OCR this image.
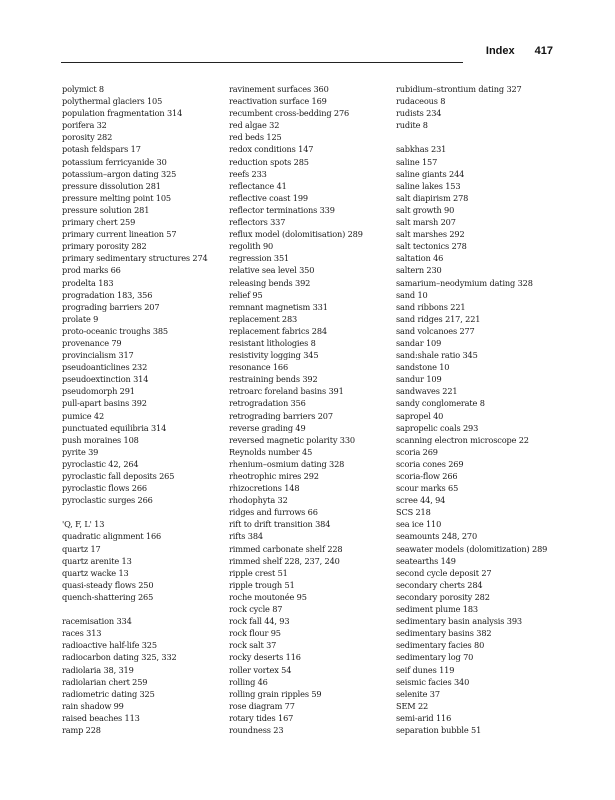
Index 417
polymict 8
polythermal glaciers 105
population fragmentation 314
porifera 32
porosity 282
potash feldspars 17
potassium ferricyanide 30
potassium–argon dating 325
pressure dissolution 281
pressure melting point 105
pressure solution 281
primary chert 259
primary current lineation 57
primary porosity 282
primary sedimentary structures 274
prod marks 66
prodelta 183
progradation 183, 356
prograding barriers 207
prolate 9
proto-oceanic troughs 385
provenance 79
provincialism 317
pseudoanticlines 232
pseudoextinction 314
pseudomorph 291
pull-apart basins 392
pumice 42
punctuated equilibria 314
push moraines 108
pyrite 39
pyroclastic 42, 264
pyroclastic fall deposits 265
pyroclastic flows 266
pyroclastic surges 266
'Q, F, L' 13
quadratic alignment 166
quartz 17
quartz arenite 13
quartz wacke 13
quasi-steady flows 250
quench-shattering 265
racemisation 334
races 313
radioactive half-life 325
radiocarbon dating 325, 332
radiolaria 38, 319
radiolarian chert 259
radiometric dating 325
rain shadow 99
raised beaches 113
ramp 228
ravinement surfaces 360
reactivation surface 169
recumbent cross-bedding 276
red algae 32
red beds 125
redox conditions 147
reduction spots 285
reefs 233
reflectance 41
reflective coast 199
reflector terminations 339
reflectors 337
reflux model (dolomitisation) 289
regolith 90
regression 351
relative sea level 350
releasing bends 392
relief 95
remnant magnetism 331
replacement 283
replacement fabrics 284
resistant lithologies 8
resistivity logging 345
resonance 166
restraining bends 392
retroarc foreland basins 391
retrogradation 356
retrograding barriers 207
reverse grading 49
reversed magnetic polarity 330
Reynolds number 45
rhenium–osmium dating 328
rheotrophic mires 292
rhizocretions 148
rhodophyta 32
ridges and furrows 66
rift to drift transition 384
rifts 384
rimmed carbonate shelf 228
rimmed shelf 228, 237, 240
ripple crest 51
ripple trough 51
roche moutonée 95
rock cycle 87
rock fall 44, 93
rock flour 95
rock salt 37
rocky deserts 116
roller vortex 54
rolling 46
rolling grain ripples 59
rose diagram 77
rotary tides 167
roundness 23
rubidium–strontium dating 327
rudaceous 8
rudists 234
rudite 8
sabkhas 231
saline 157
saline giants 244
saline lakes 153
salt diapirism 278
salt growth 90
salt marsh 207
salt marshes 292
salt tectonics 278
saltation 46
saltern 230
samarium–neodymium dating 328
sand 10
sand ribbons 221
sand ridges 217, 221
sand volcanoes 277
sandar 109
sand:shale ratio 345
sandstone 10
sandur 109
sandwaves 221
sandy conglomerate 8
sapropel 40
sapropelic coals 293
scanning electron microscope 22
scoria 269
scoria cones 269
scoria-flow 266
scour marks 65
scree 44, 94
SCS 218
sea ice 110
seamounts 248, 270
seawater models (dolomitization) 289
seatearths 149
second cycle deposit 27
secondary cherts 284
secondary porosity 282
sediment plume 183
sedimentary basin analysis 393
sedimentary basins 382
sedimentary facies 80
sedimentary log 70
seif dunes 119
seismic facies 340
selenite 37
SEM 22
semi-arid 116
separation bubble 51
